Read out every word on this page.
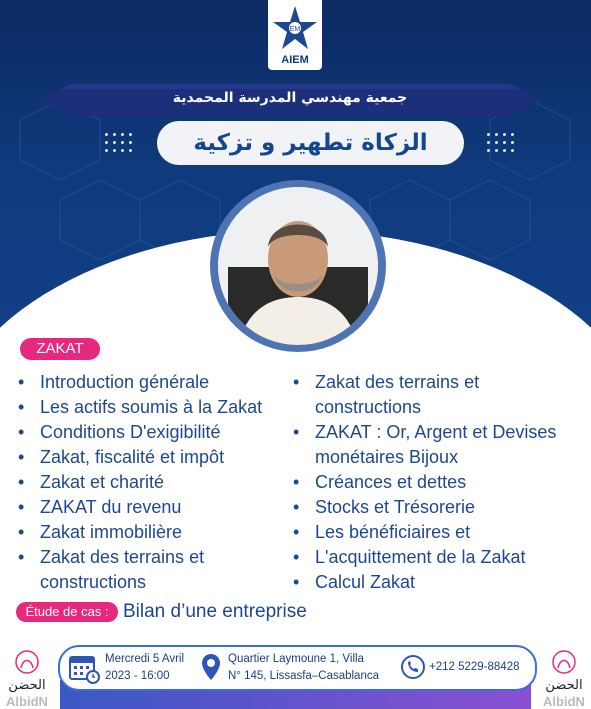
EM
AIEM
جمعية مهندسي المدرسة المحمدية
الزكاة تطهير و تزكية
ZAKAT
• Introduction générale
• Les actifs soumis à la Zakat
• Conditions D'exigibilité
• Zakat, fiscalité et impôt
• Zakat et charité
• ZAKAT du revenu
• Zakat immobilière
• Zakat des terrains et
constructions
• Zakat des terrains et
constructions
• ZAKAT : Or, Argent et Devises
monétaires Bijoux
• Créances et dettes
• Stocks et Trésorerie
• Les bénéficiaires et
• L'acquittement de la Zakat
• Calcul Zakat
Étude de cas : Bilan d’une entreprise
Mercredi 5 Avril
2023 - 16:00
Quartier Laymoune 1, Villa
N° 145, Lissasfa–Casablanca
+212 5229-88428
الحضن
AlbidN
الحضن
AlbidN
